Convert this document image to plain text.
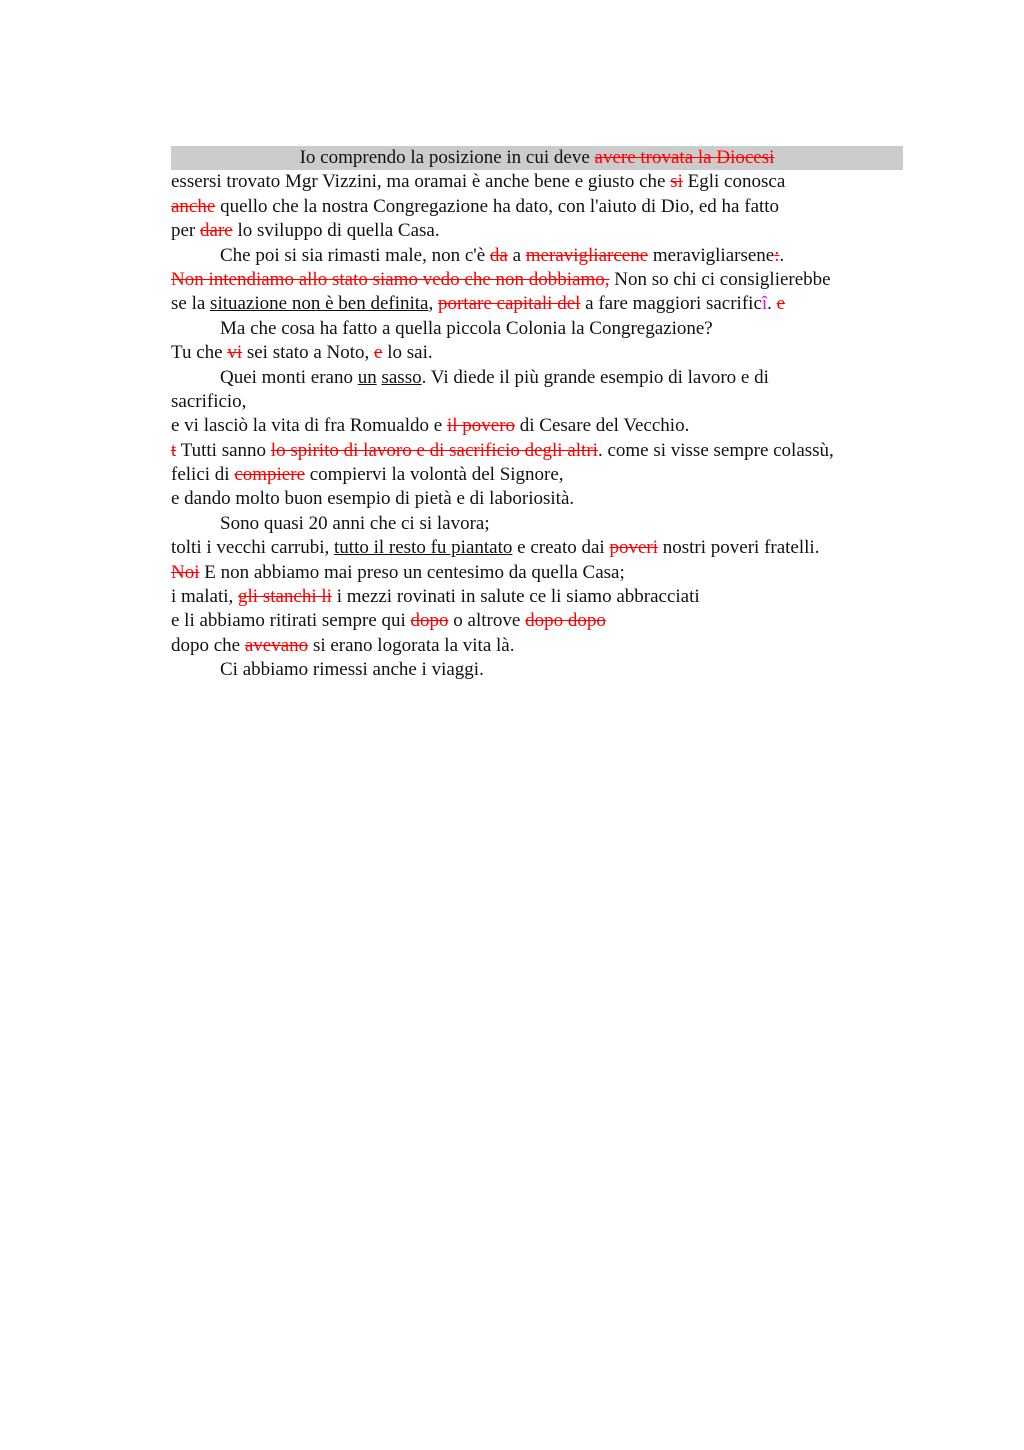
Io comprendo la posizione in cui deve avere trovata la Diocesi
essersi trovato Mgr Vizzini, ma oramai è anche bene e giusto che si Egli conosca
anche quello che la nostra Congregazione ha dato, con l'aiuto di Dio, ed ha fatto
per dare lo sviluppo di quella Casa.
Che poi si sia rimasti male, non c'è da a meravigliarcene meravigliarsene:.
Non intendiamo allo stato siamo vedo che non dobbiamo, Non so chi ci consiglierebbe
se la situazione non è ben definita, portare capitali del a fare maggiori sacrificî. e
Ma che cosa ha fatto a quella piccola Colonia la Congregazione?
Tu che vi sei stato a Noto, e lo sai.
Quei monti erano un sasso. Vi diede il più grande esempio di lavoro e di
sacrificio,
e vi lasciò la vita di fra Romualdo e il povero di Cesare del Vecchio.
t Tutti sanno lo spirito di lavoro e di sacrificio degli altri. come si visse sempre colassù,
felici di compiere compiervi la volontà del Signore,
e dando molto buon esempio di pietà e di laboriosità.
Sono quasi 20 anni che ci si lavora;
tolti i vecchi carrubi, tutto il resto fu piantato e creato dai poveri nostri poveri fratelli.
Noi E non abbiamo mai preso un centesimo da quella Casa;
i malati, gli stanchi li i mezzi rovinati in salute ce li siamo abbracciati
e li abbiamo ritirati sempre qui dopo o altrove dopo dopo
dopo che avevano si erano logorata la vita là.
Ci abbiamo rimessi anche i viaggi.
